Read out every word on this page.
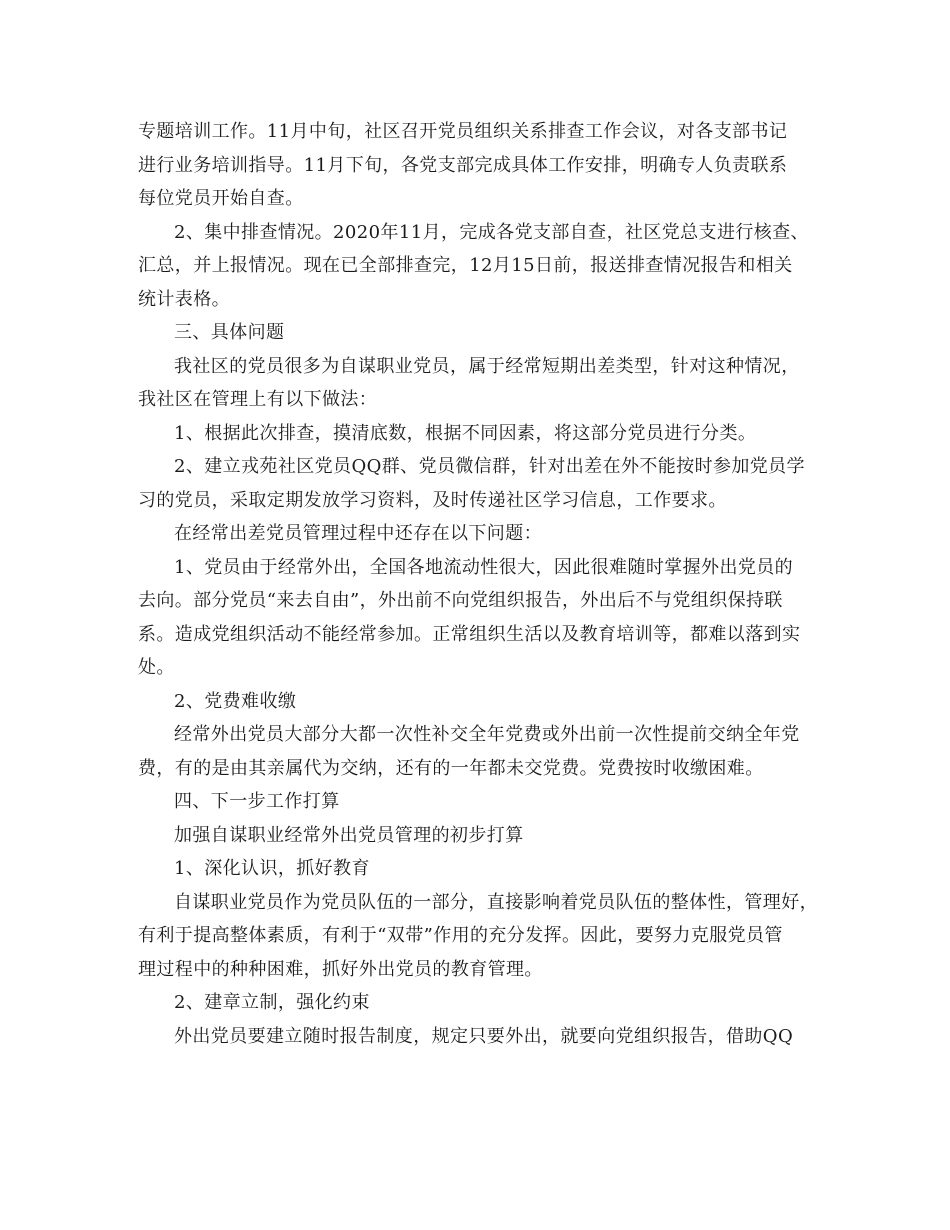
专题培训工作。11月中旬，社区召开党员组织关系排查工作会议，对各支部书记
进行业务培训指导。11月下旬，各党支部完成具体工作安排，明确专人负责联系
每位党员开始自查。
2、集中排查情况。2020年11月，完成各党支部自查，社区党总支进行核查、
汇总，并上报情况。现在已全部排查完，12月15日前，报送排查情况报告和相关
统计表格。
三、具体问题
我社区的党员很多为自谋职业党员，属于经常短期出差类型，针对这种情况，
我社区在管理上有以下做法：
1、根据此次排查，摸清底数，根据不同因素，将这部分党员进行分类。
2、建立戎苑社区党员QQ群、党员微信群，针对出差在外不能按时参加党员学
习的党员，采取定期发放学习资料，及时传递社区学习信息，工作要求。
在经常出差党员管理过程中还存在以下问题：
1、党员由于经常外出，全国各地流动性很大，因此很难随时掌握外出党员的
去向。部分党员“来去自由”，外出前不向党组织报告，外出后不与党组织保持联
系。造成党组织活动不能经常参加。正常组织生活以及教育培训等，都难以落到实
处。
2、党费难收缴
经常外出党员大部分大都一次性补交全年党费或外出前一次性提前交纳全年党
费，有的是由其亲属代为交纳，还有的一年都未交党费。党费按时收缴困难。
四、下一步工作打算
加强自谋职业经常外出党员管理的初步打算
1、深化认识，抓好教育
自谋职业党员作为党员队伍的一部分，直接影响着党员队伍的整体性，管理好，
有利于提高整体素质，有利于“双带”作用的充分发挥。因此，要努力克服党员管
理过程中的种种困难，抓好外出党员的教育管理。
2、建章立制，强化约束
外出党员要建立随时报告制度，规定只要外出，就要向党组织报告，借助QQ
